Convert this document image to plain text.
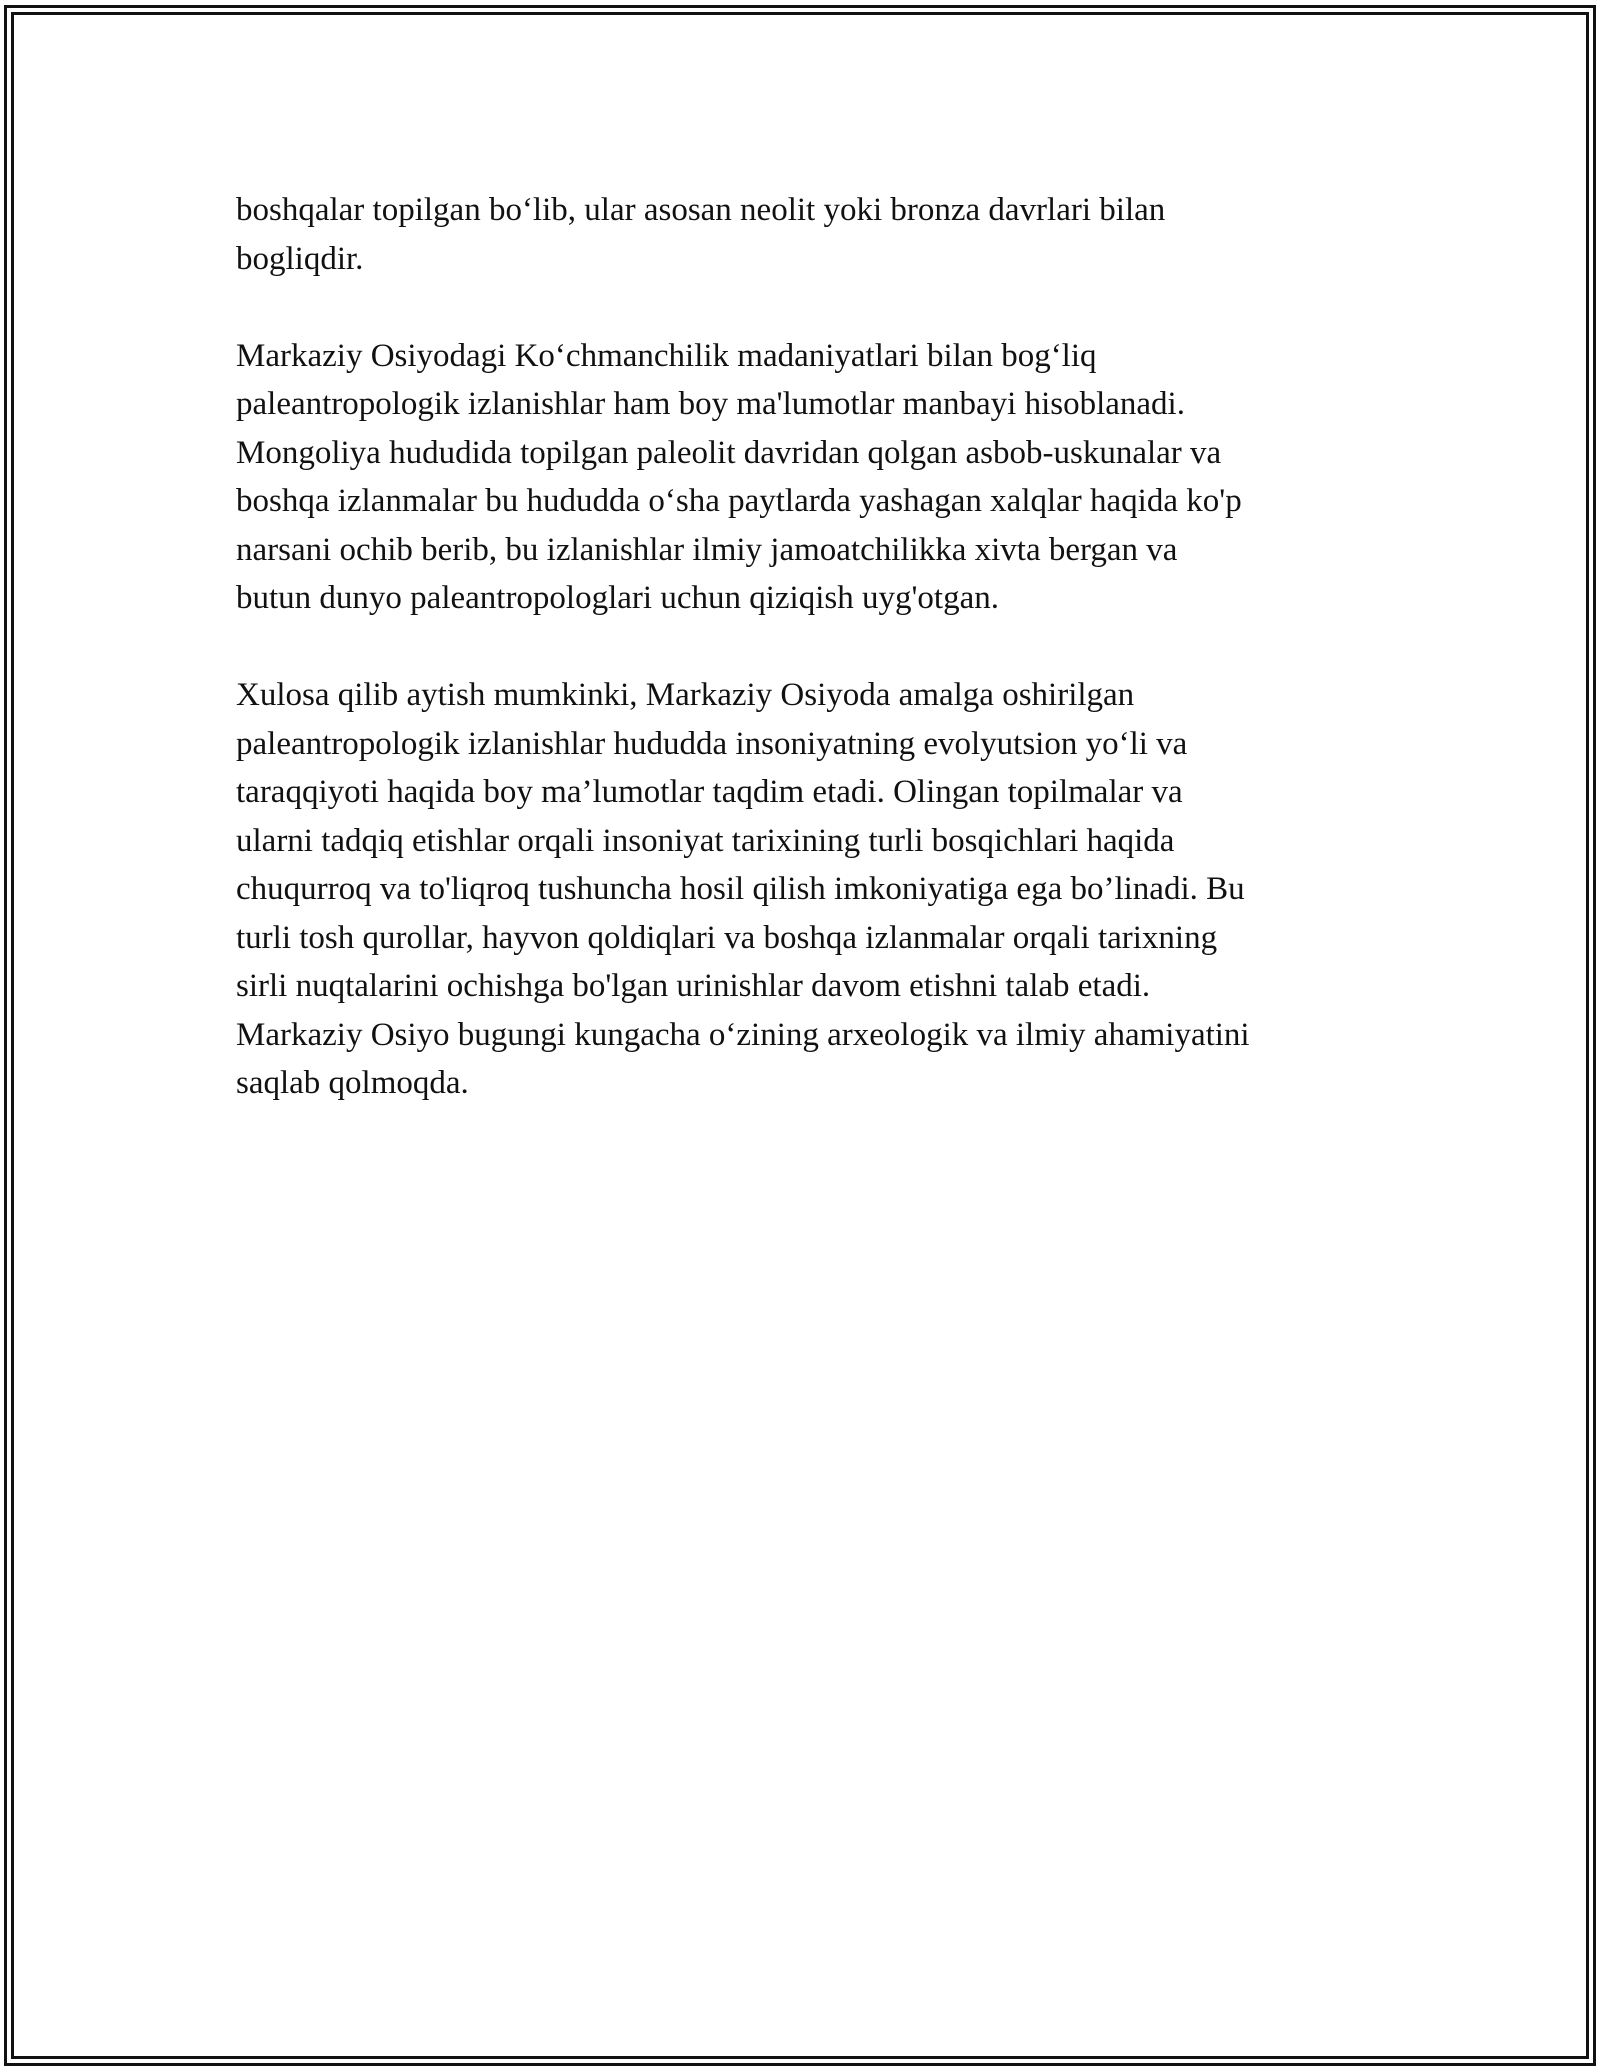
boshqalar topilgan bo‘lib, ular asosan neolit yoki bronza davrlari bilan
bogliqdir.

Markaziy Osiyodagi Ko‘chmanchilik madaniyatlari bilan bog‘liq
paleantropologik izlanishlar ham boy ma'lumotlar manbayi hisoblanadi.
Mongoliya hududida topilgan paleolit davridan qolgan asbob-uskunalar va
boshqa izlanmalar bu hududda o‘sha paytlarda yashagan xalqlar haqida ko'p
narsani ochib berib, bu izlanishlar ilmiy jamoatchilikka xivta bergan va
butun dunyo paleantropologlari uchun qiziqish uyg'otgan.

Xulosa qilib aytish mumkinki, Markaziy Osiyoda amalga oshirilgan
paleantropologik izlanishlar hududda insoniyatning evolyutsion yo‘li va
taraqqiyoti haqida boy ma’lumotlar taqdim etadi. Olingan topilmalar va
ularni tadqiq etishlar orqali insoniyat tarixining turli bosqichlari haqida
chuqurroq va to'liqroq tushuncha hosil qilish imkoniyatiga ega bo’linadi. Bu
turli tosh qurollar, hayvon qoldiqlari va boshqa izlanmalar orqali tarixning
sirli nuqtalarini ochishga bo'lgan urinishlar davom etishni talab etadi.
Markaziy Osiyo bugungi kungacha o‘zining arxeologik va ilmiy ahamiyatini
saqlab qolmoqda.
